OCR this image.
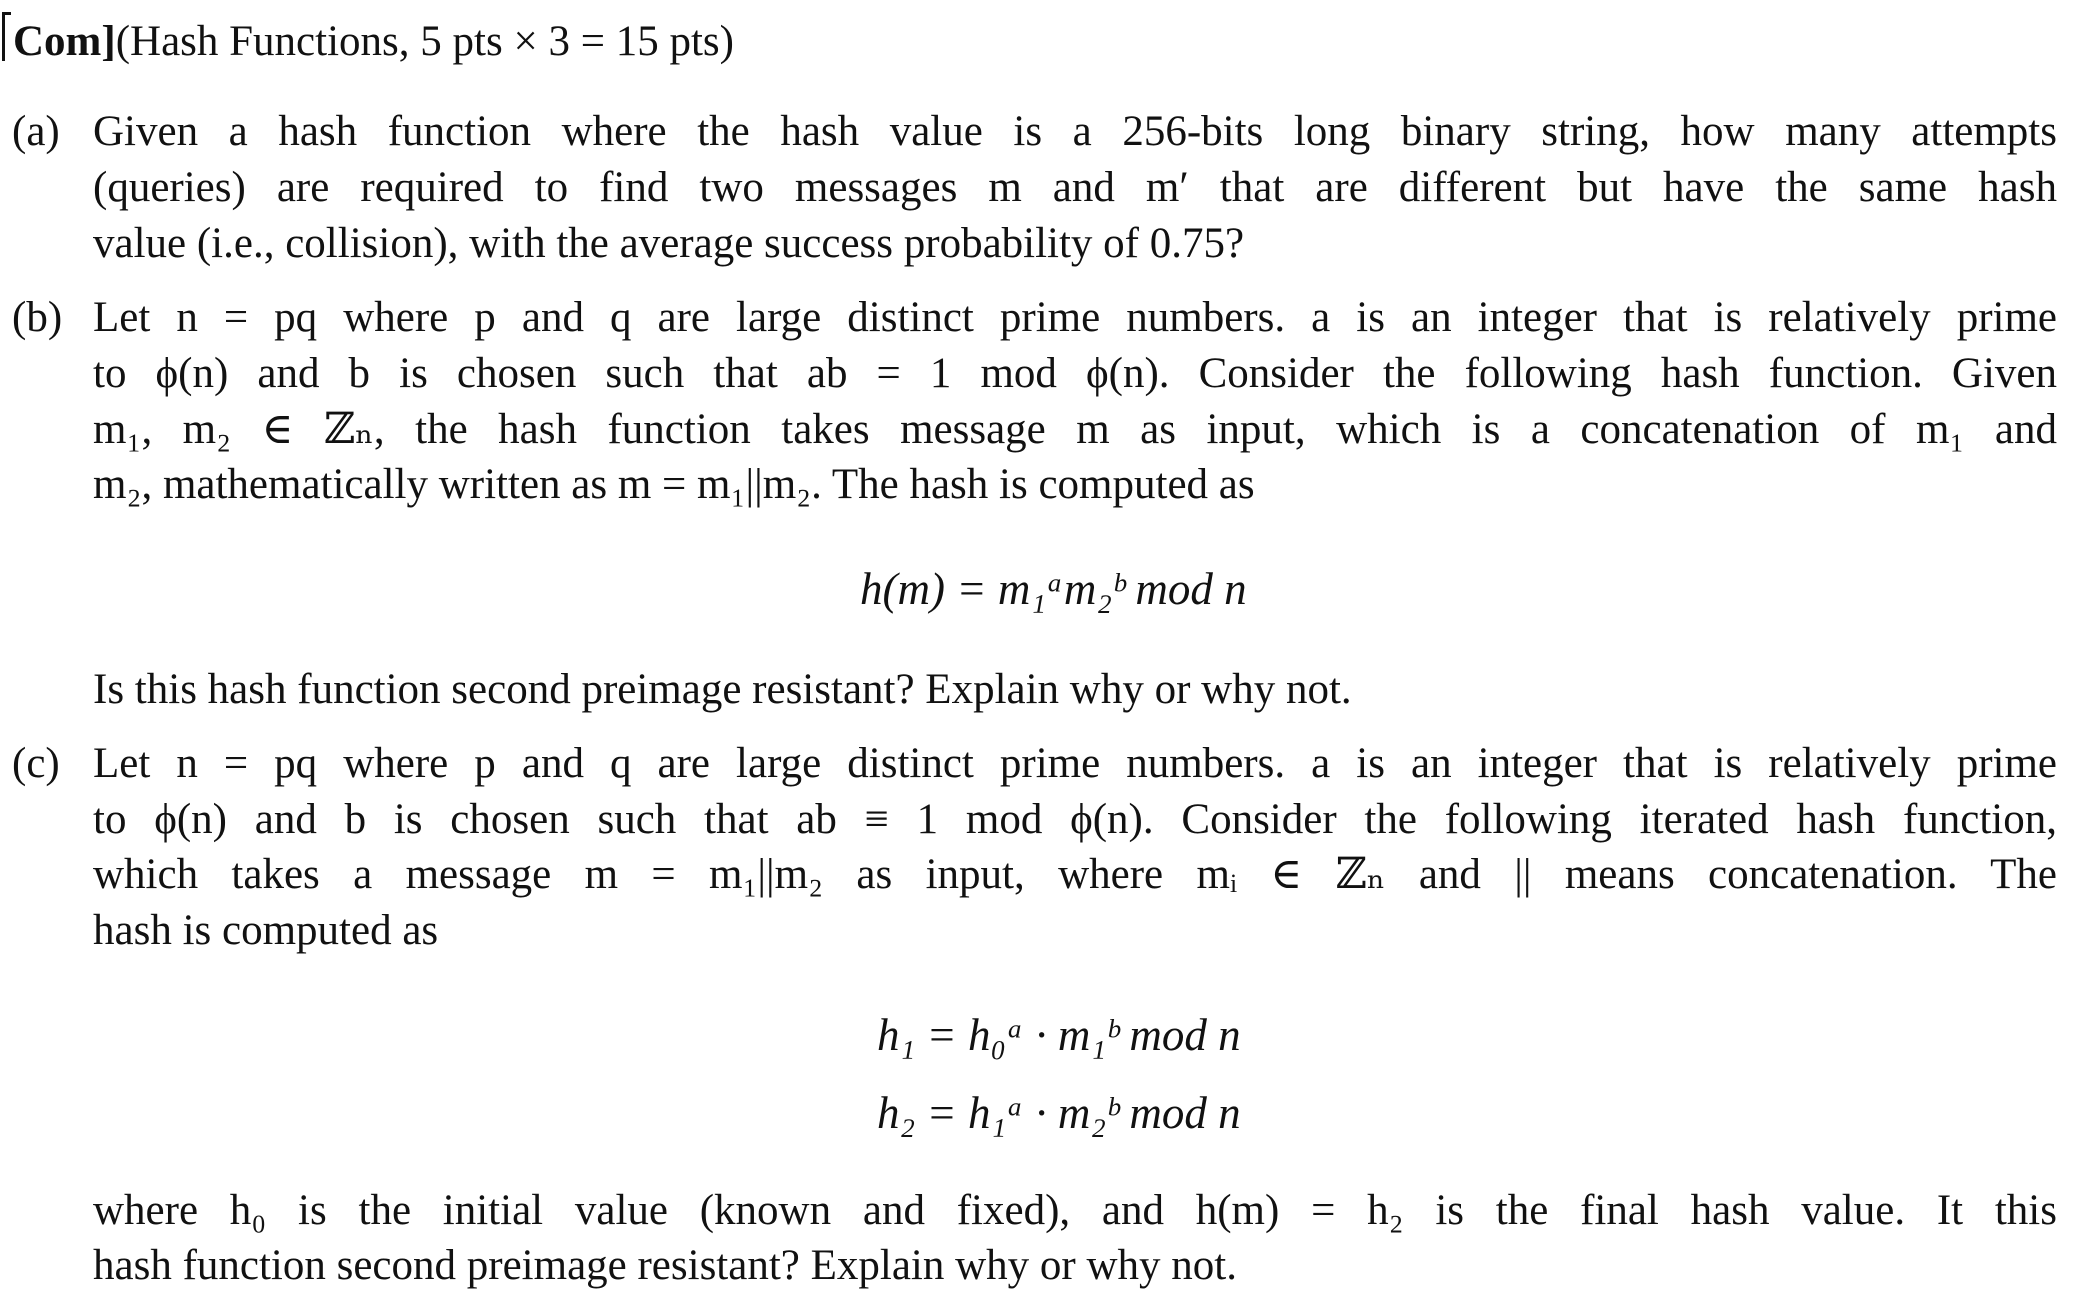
Com](Hash Functions, 5 pts × 3 = 15 pts)
(a) Given a hash function where the hash value is a 256-bits long binary string, how many attempts
(queries) are required to find two messages m and m′ that are different but have the same hash
value (i.e., collision), with the average success probability of 0.75?
(b) Let n = pq where p and q are large distinct prime numbers. a is an integer that is relatively prime
to ϕ(n) and b is chosen such that ab = 1 mod ϕ(n). Consider the following hash function. Given
m₁, m₂ ∈ ℤₙ, the hash function takes message m as input, which is a concatenation of m₁ and
m₂, mathematically written as m = m₁||m₂. The hash is computed as
h(m) = m₁ᵃm₂ᵇ mod n
Is this hash function second preimage resistant? Explain why or why not.
(c) Let n = pq where p and q are large distinct prime numbers. a is an integer that is relatively prime
to ϕ(n) and b is chosen such that ab ≡ 1 mod ϕ(n). Consider the following iterated hash function,
which takes a message m = m₁||m₂ as input, where mᵢ ∈ ℤₙ and || means concatenation. The
hash is computed as
h₁ = h₀ᵃ · m₁ᵇ mod n
h₂ = h₁ᵃ · m₂ᵇ mod n
where h₀ is the initial value (known and fixed), and h(m) = h₂ is the final hash value. It this
hash function second preimage resistant? Explain why or why not.
